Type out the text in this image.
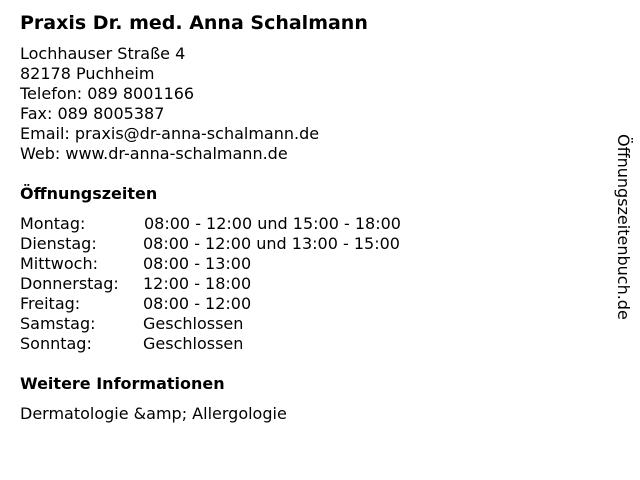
Praxis Dr. med. Anna Schalmann
Lochhauser Straße 4
82178 Puchheim
Telefon: 089 8001166
Fax: 089 8005387
Email: praxis@dr-anna-schalmann.de
Web: www.dr-anna-schalmann.de
Öffnungszeiten
Montag:	08:00 - 12:00 und 15:00 - 18:00
Dienstag:	08:00 - 12:00 und 13:00 - 15:00
Mittwoch:	08:00 - 13:00
Donnerstag: 12:00 - 18:00
Freitag:	08:00 - 12:00
Samstag:	Geschlossen
Sonntag:	Geschlossen
Weitere Informationen
Dermatologie &amp; Allergologie
Öffnungszeitenbuch.de
